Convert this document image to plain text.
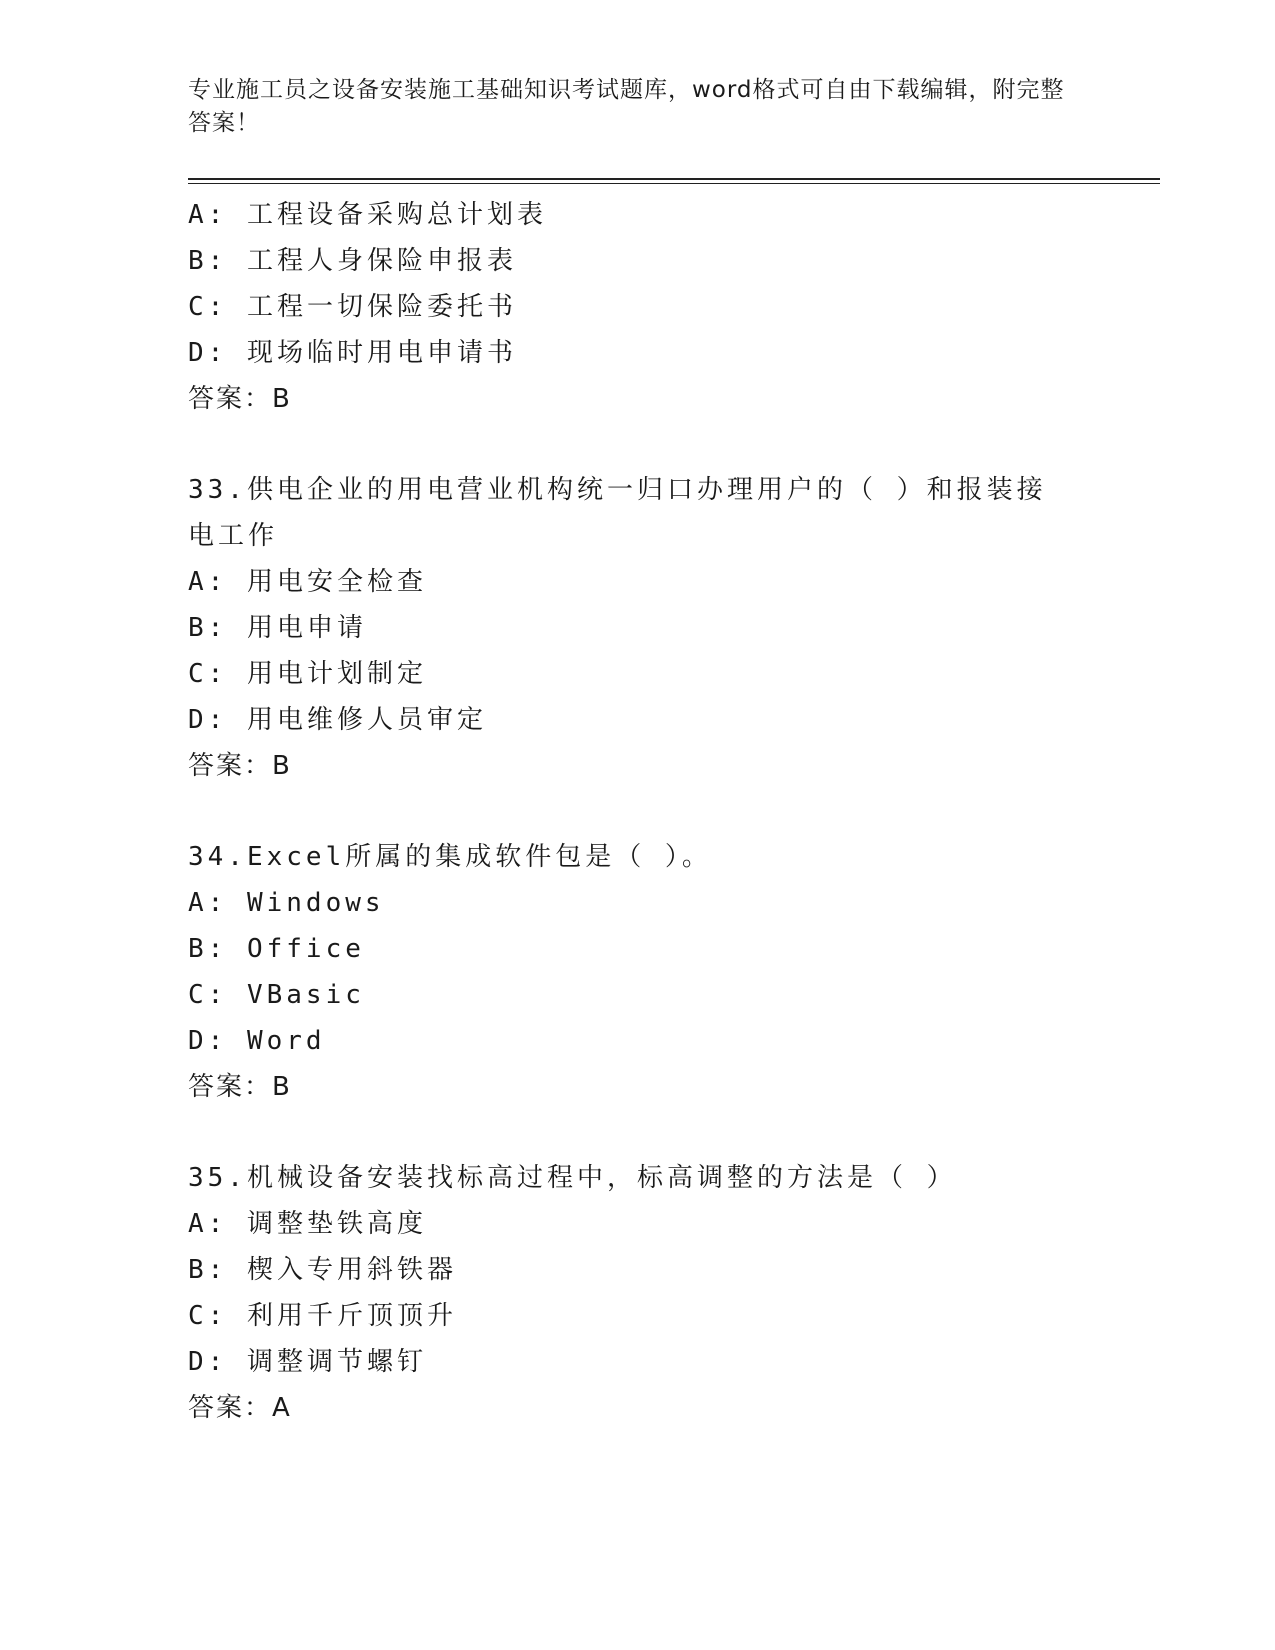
专业施工员之设备安装施工基础知识考试题库，word格式可自由下载编辑，附完整答案！
A: 工程设备采购总计划表
B: 工程人身保险申报表
C: 工程一切保险委托书
D: 现场临时用电申请书
答案：B
33.供电企业的用电营业机构统一归口办理用户的（ ）和报装接电工作
A: 用电安全检查
B: 用电申请
C: 用电计划制定
D: 用电维修人员审定
答案：B
34.Excel所属的集成软件包是（ ）。
A: Windows
B: Office
C: VBasic
D: Word
答案：B
35.机械设备安装找标高过程中，标高调整的方法是（ ）
A: 调整垫铁高度
B: 楔入专用斜铁器
C: 利用千斤顶顶升
D: 调整调节螺钉
答案：A
